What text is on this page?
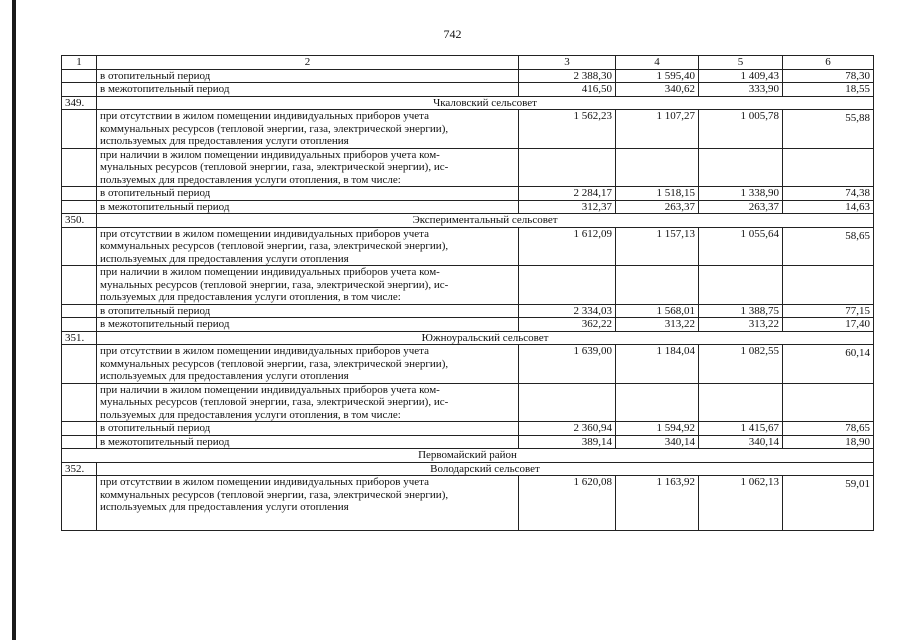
742
1	2	3	4	5	6
	в отопительный период	2 388,30	1 595,40	1 409,43	78,30
	в межотопительный период	416,50	340,62	333,90	18,55
349.	Чкаловский сельсовет				

	при отсутствии в жилом помещении индивидуальных приборов учета
коммунальных ресурсов (тепловой энергии, газа, электрической энергии),
используемых для предоставления услуги отопления	1 562,23	1 107,27	1 005,78	55,88

	при наличии в жилом помещении индивидуальных приборов учета ком-
мунальных ресурсов (тепловой энергии, газа, электрической энергии), ис-
пользуемых для предоставления услуги отопления, в том числе:				

	в отопительный период	2 284,17	1 518,15	1 338,90	74,38
	в межотопительный период	312,37	263,37	263,37	14,63
350.	Экспериментальный сельсовет				

	при отсутствии в жилом помещении индивидуальных приборов учета
коммунальных ресурсов (тепловой энергии, газа, электрической энергии),
используемых для предоставления услуги отопления	1 612,09	1 157,13	1 055,64	58,65

	при наличии в жилом помещении индивидуальных приборов учета ком-
мунальных ресурсов (тепловой энергии, газа, электрической энергии), ис-
пользуемых для предоставления услуги отопления, в том числе:				

	в отопительный период	2 334,03	1 568,01	1 388,75	77,15
	в межотопительный период	362,22	313,22	313,22	17,40
351.	Южноуральский сельсовет				

	при отсутствии в жилом помещении индивидуальных приборов учета
коммунальных ресурсов (тепловой энергии, газа, электрической энергии),
используемых для предоставления услуги отопления	1 639,00	1 184,04	1 082,55	60,14

	при наличии в жилом помещении индивидуальных приборов учета ком-
мунальных ресурсов (тепловой энергии, газа, электрической энергии), ис-
пользуемых для предоставления услуги отопления, в том числе:				

	в отопительный период	2 360,94	1 594,92	1 415,67	78,65
	в межотопительный период	389,14	340,14	340,14	18,90
Первомайский район					
352.	Володарский сельсовет				

	при отсутствии в жилом помещении индивидуальных приборов учета
коммунальных ресурсов (тепловой энергии, газа, электрической энергии),
используемых для предоставления услуги отопления	1 620,08	1 163,92	1 062,13	59,01
